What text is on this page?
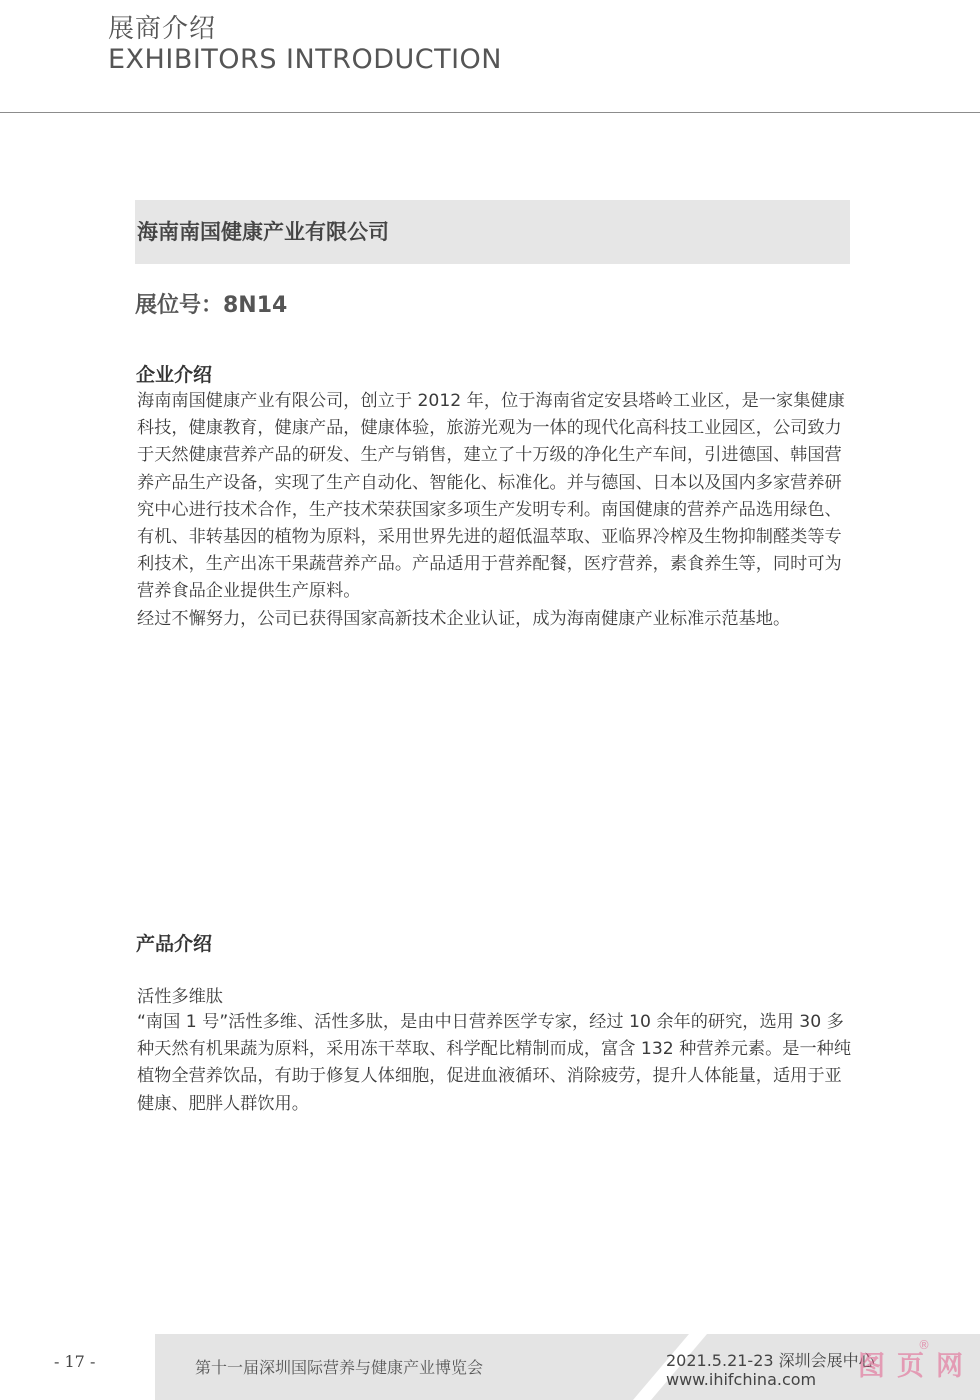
展商介绍
EXHIBITORS INTRODUCTION
海南南国健康产业有限公司
展位号：8N14
企业介绍

海南南国健康产业有限公司，创立于 2012 年，位于海南省定安县塔岭工业区，是一家集健康科技，健康教育，健康产品，健康体验，旅游光观为一体的现代化高科技工业园区，公司致力于天然健康营养产品的研发、生产与销售，建立了十万级的净化生产车间，引进德国、韩国营养产品生产设备，实现了生产自动化、智能化、标准化。并与德国、日本以及国内多家营养研究中心进行技术合作，生产技术荣获国家多项生产发明专利。南国健康的营养产品选用绿色、有机、非转基因的植物为原料，采用世界先进的超低温萃取、亚临界冷榨及生物抑制醛类等专利技术，生产出冻干果蔬营养产品。产品适用于营养配餐，医疗营养，素食养生等，同时可为营养食品企业提供生产原料。

经过不懈努力，公司已获得国家高新技术企业认证，成为海南健康产业标准示范基地。

产品介绍
活性多维肽
“南国 1 号”活性多维、活性多肽，是由中日营养医学专家，经过 10 余年的研究，选用 30 多种天然有机果蔬为原料，采用冻干萃取、科学配比精制而成，富含 132 种营养元素。是一种纯植物全营养饮品，有助于修复人体细胞，促进血液循环、消除疲劳，提升人体能量，适用于亚健康、肥胖人群饮用。
- 17 -	第十一届深圳国际营养与健康产业博览会	2021.5.21-23 深圳会展中心
www.ihifchina.com 图页网
®
